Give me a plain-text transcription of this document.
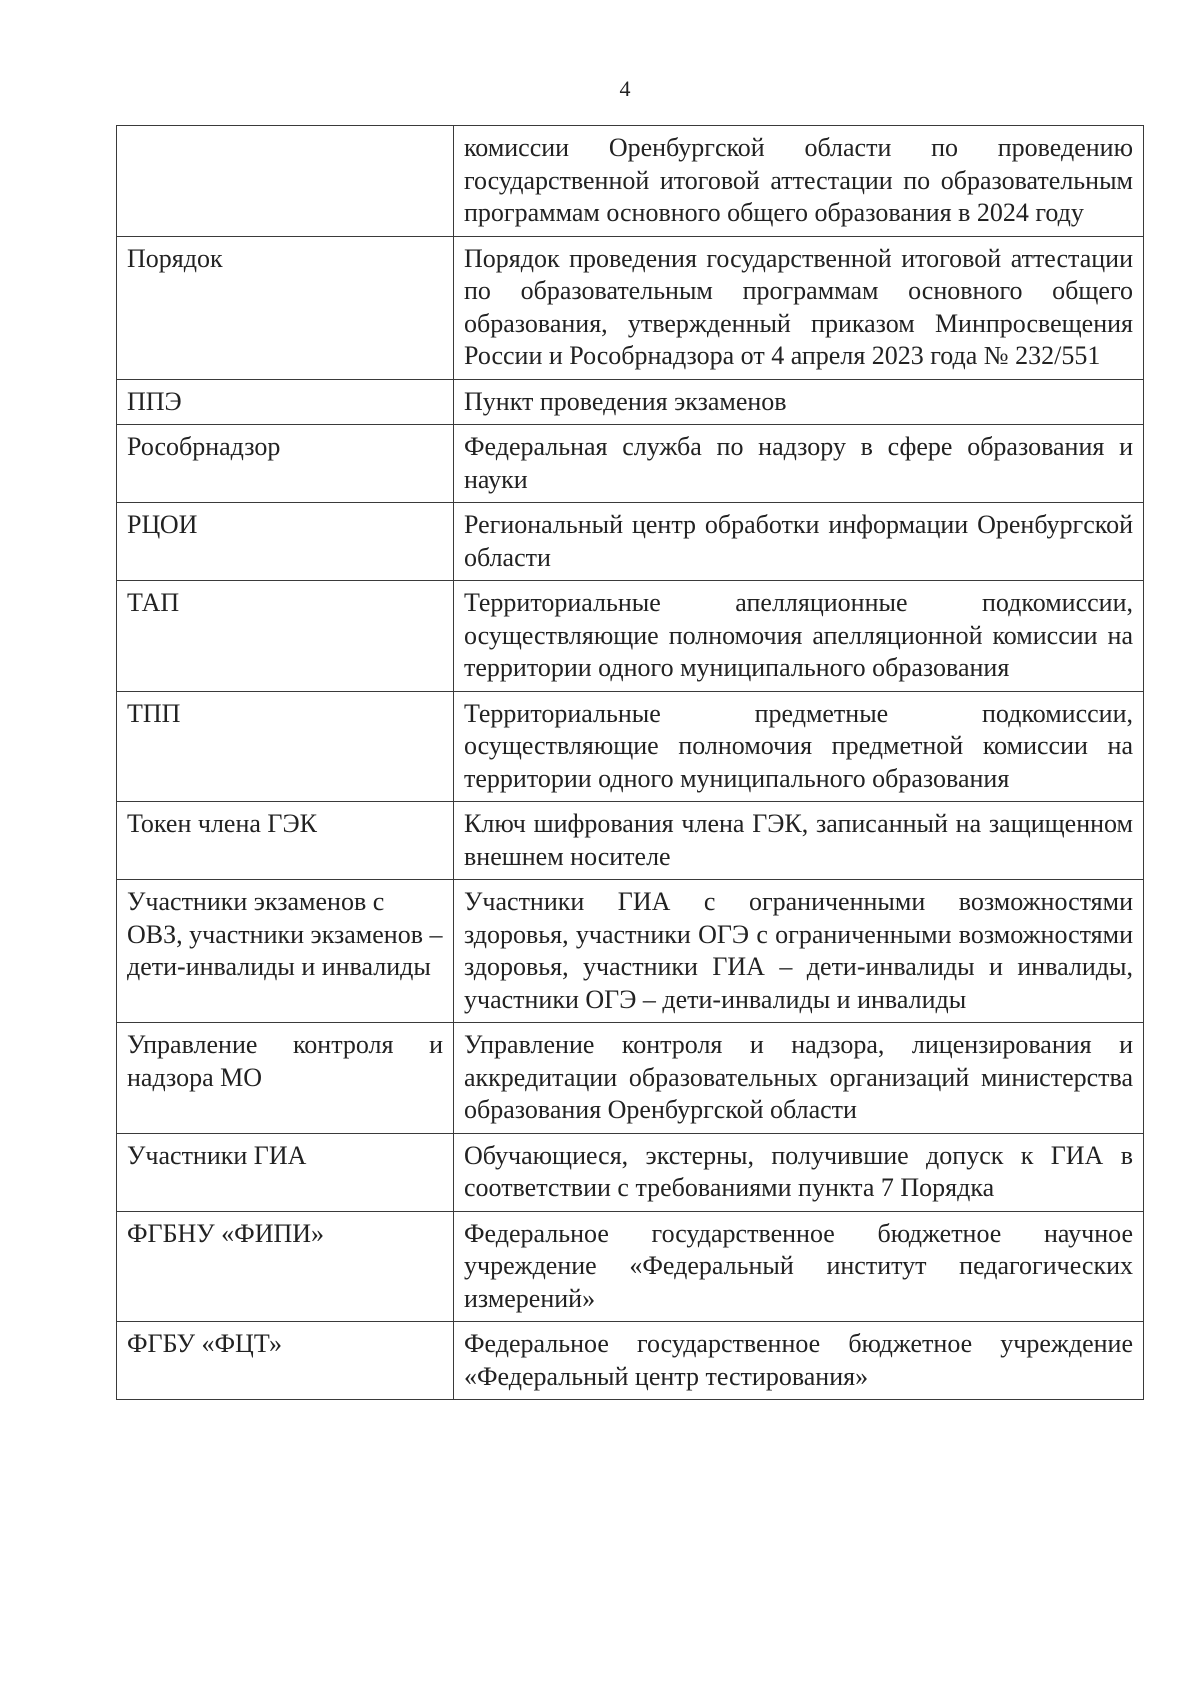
4
	комиссии Оренбургской области по проведению государственной итоговой аттестации по образовательным программам основного общего образования в 2024 году
Порядок	Порядок проведения государственной итоговой аттестации по образовательным программам основного общего образования, утвержденный приказом Минпросвещения России и Рособрнадзора от 4 апреля 2023 года № 232/551
ППЭ	Пункт проведения экзаменов
Рособрнадзор	Федеральная служба по надзору в сфере образования и науки
РЦОИ	Региональный центр обработки информации Оренбургской области
ТАП	Территориальные апелляционные подкомиссии, осуществляющие полномочия апелляционной комиссии на территории одного муниципального образования
ТПП	Территориальные предметные подкомиссии, осуществляющие полномочия предметной комиссии на территории одного муниципального образования
Токен члена ГЭК	Ключ шифрования члена ГЭК, записанный на защищенном внешнем носителе
Участники экзаменов с ОВЗ, участники экзаменов – дети-инвалиды и инвалиды	Участники ГИА с ограниченными возможностями здоровья, участники ОГЭ с ограниченными возможностями здоровья, участники ГИА – дети-инвалиды и инвалиды, участники ОГЭ – дети-инвалиды и инвалиды
Управление контроля и надзора МО	Управление контроля и надзора, лицензирования и аккредитации образовательных организаций министерства образования Оренбургской области
Участники ГИА	Обучающиеся, экстерны, получившие допуск к ГИА в соответствии с требованиями пункта 7 Порядка
ФГБНУ «ФИПИ»	Федеральное государственное бюджетное научное учреждение «Федеральный институт педагогических измерений»
ФГБУ «ФЦТ»	Федеральное государственное бюджетное учреждение «Федеральный центр тестирования»
